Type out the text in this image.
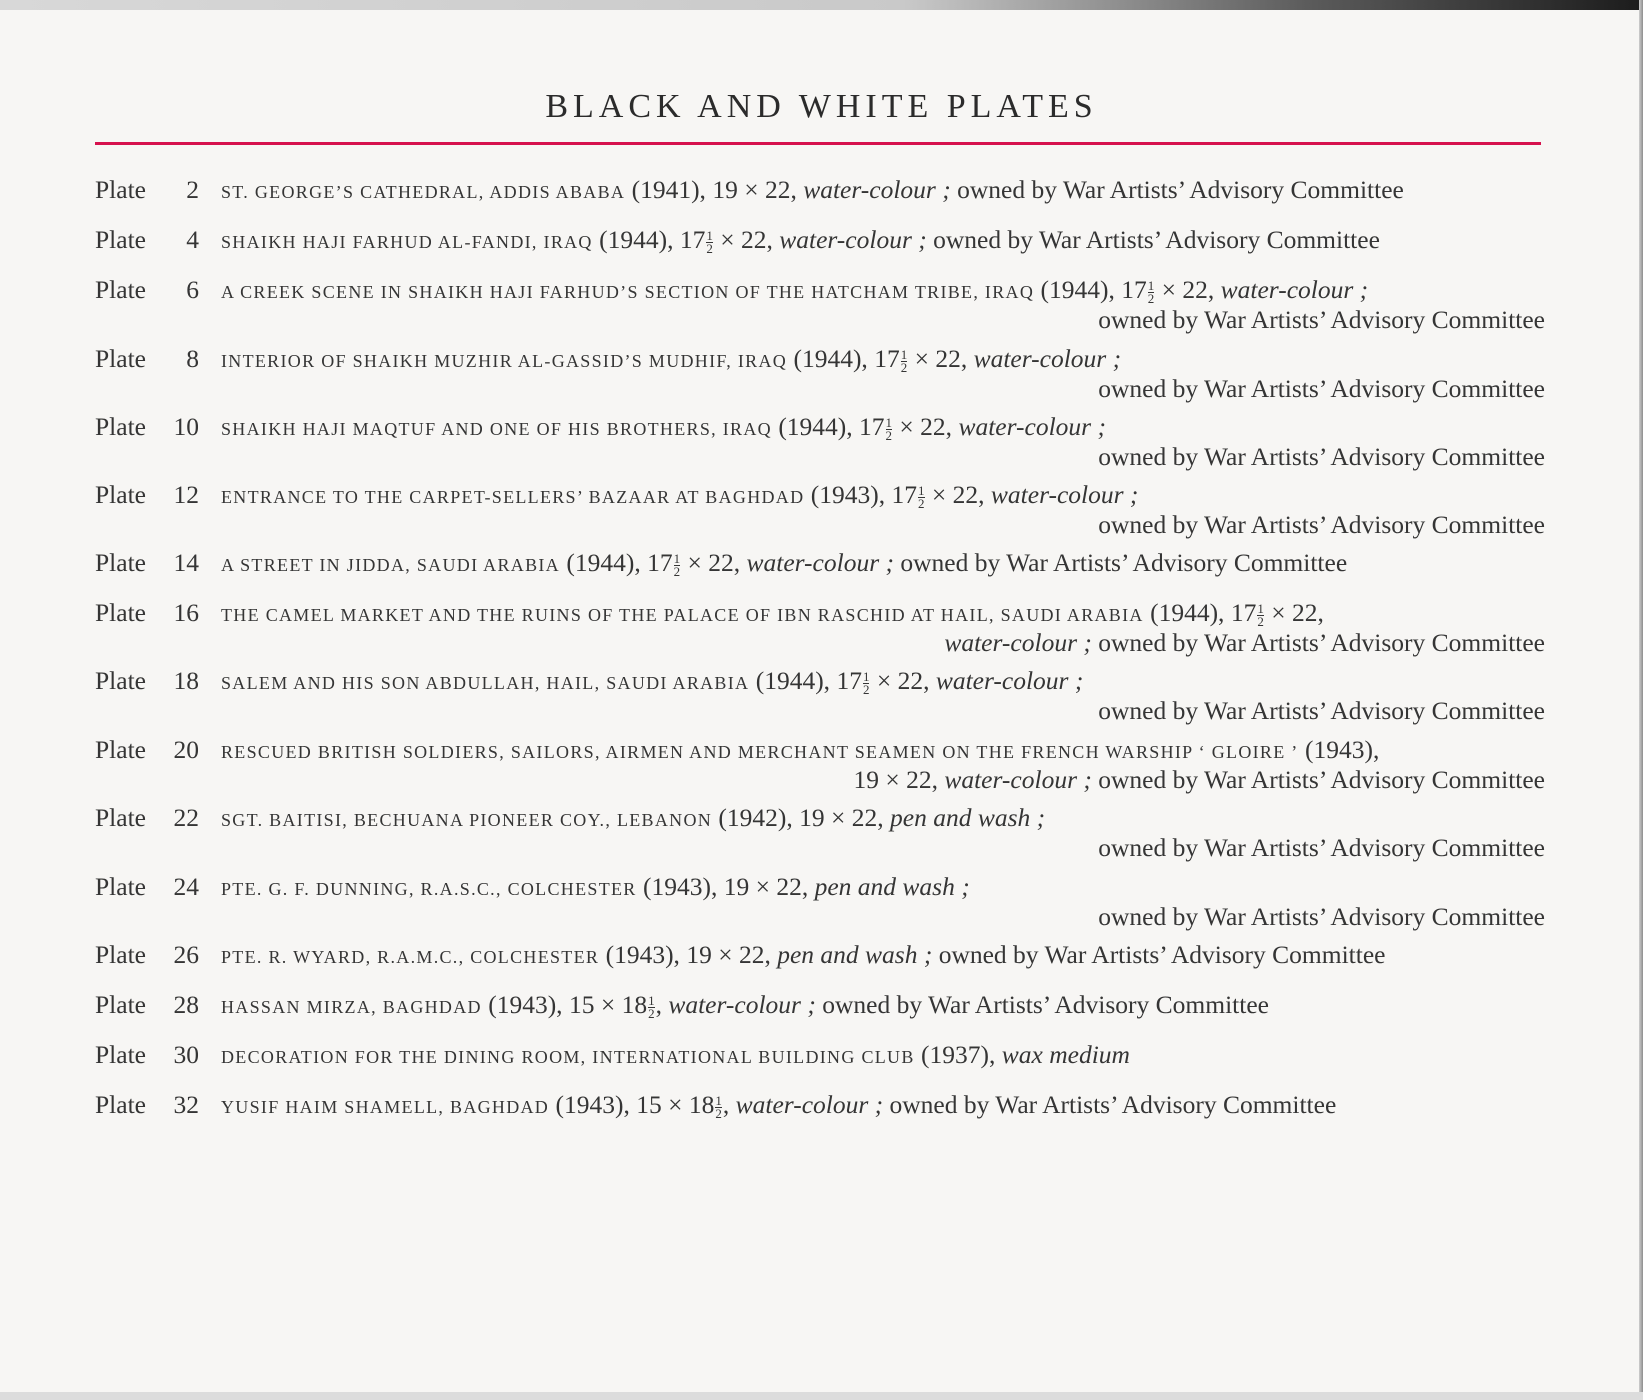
BLACK AND WHITE PLATES
Plate 2 ST. GEORGE’S CATHEDRAL, ADDIS ABABA (1941), 19 × 22, water-colour ; owned by War Artists’ Advisory Committee
Plate 4 SHAIKH HAJI FARHUD AL-FANDI, IRAQ (1944), $17 \frac{1}{2} \times 22$, water-colour ; owned by War Artists’ Advisory Committee
Plate 6 A CREEK SCENE IN SHAIKH HAJI FARHUD’S SECTION OF THE HATCHAM TRIBE, IRAQ (1944), $17 \frac{1}{2} \times 22$, water-colour ;
owned by War Artists’ Advisory Committee
Plate 8 INTERIOR OF SHAIKH MUZHIR AL-GASSID’S MUDHIF, IRAQ (1944), $17 \frac{1}{2} \times 22$, water-colour ;
owned by War Artists’ Advisory Committee
Plate 10 SHAIKH HAJI MAQTUF AND ONE OF HIS BROTHERS, IRAQ (1944), $17 \frac{1}{2} \times 22$, water-colour ;
owned by War Artists’ Advisory Committee
Plate 12 ENTRANCE TO THE CARPET-SELLERS’ BAZAAR AT BAGHDAD (1943), $17 \frac{1}{2} \times 22$, water-colour ;
owned by War Artists’ Advisory Committee
Plate 14 A STREET IN JIDDA, SAUDI ARABIA (1944), $17 \frac{1}{2} \times 22$, water-colour ; owned by War Artists’ Advisory Committee
Plate 16 THE CAMEL MARKET AND THE RUINS OF THE PALACE OF IBN RASCHID AT HAIL, SAUDI ARABIA (1944), $17 \frac{1}{2} \times 22$,
water-colour ; owned by War Artists’ Advisory Committee
Plate 18 SALEM AND HIS SON ABDULLAH, HAIL, SAUDI ARABIA (1944), $17 \frac{1}{2} \times 22$, water-colour ;
owned by War Artists’ Advisory Committee
Plate 20 RESCUED BRITISH SOLDIERS, SAILORS, AIRMEN AND MERCHANT SEAMEN ON THE FRENCH WARSHIP ‘ GLOIRE ’ (1943),
19 × 22, water-colour ; owned by War Artists’ Advisory Committee
Plate 22 SGT. BAITISI, BECHUANA PIONEER COY., LEBANON (1942), 19 × 22, pen and wash ;
owned by War Artists’ Advisory Committee
Plate 24 PTE. G. F. DUNNING, R.A.S.C., COLCHESTER (1943), 19 × 22, pen and wash ;
owned by War Artists’ Advisory Committee
Plate 26 PTE. R. WYARD, R.A.M.C., COLCHESTER (1943), 19 × 22, pen and wash ; owned by War Artists’ Advisory Committee
Plate 28 HASSAN MIRZA, BAGHDAD (1943), $15 \times 18 \frac{1}{2}$ , water-colour ; owned by War Artists’ Advisory Committee
Plate 30 DECORATION FOR THE DINING ROOM, INTERNATIONAL BUILDING CLUB (1937), wax medium
Plate 32 YUSIF HAIM SHAMELL, BAGHDAD (1943), $15 \times 18 \frac{1}{2}$ , water-colour ; owned by War Artists’ Advisory Committee
